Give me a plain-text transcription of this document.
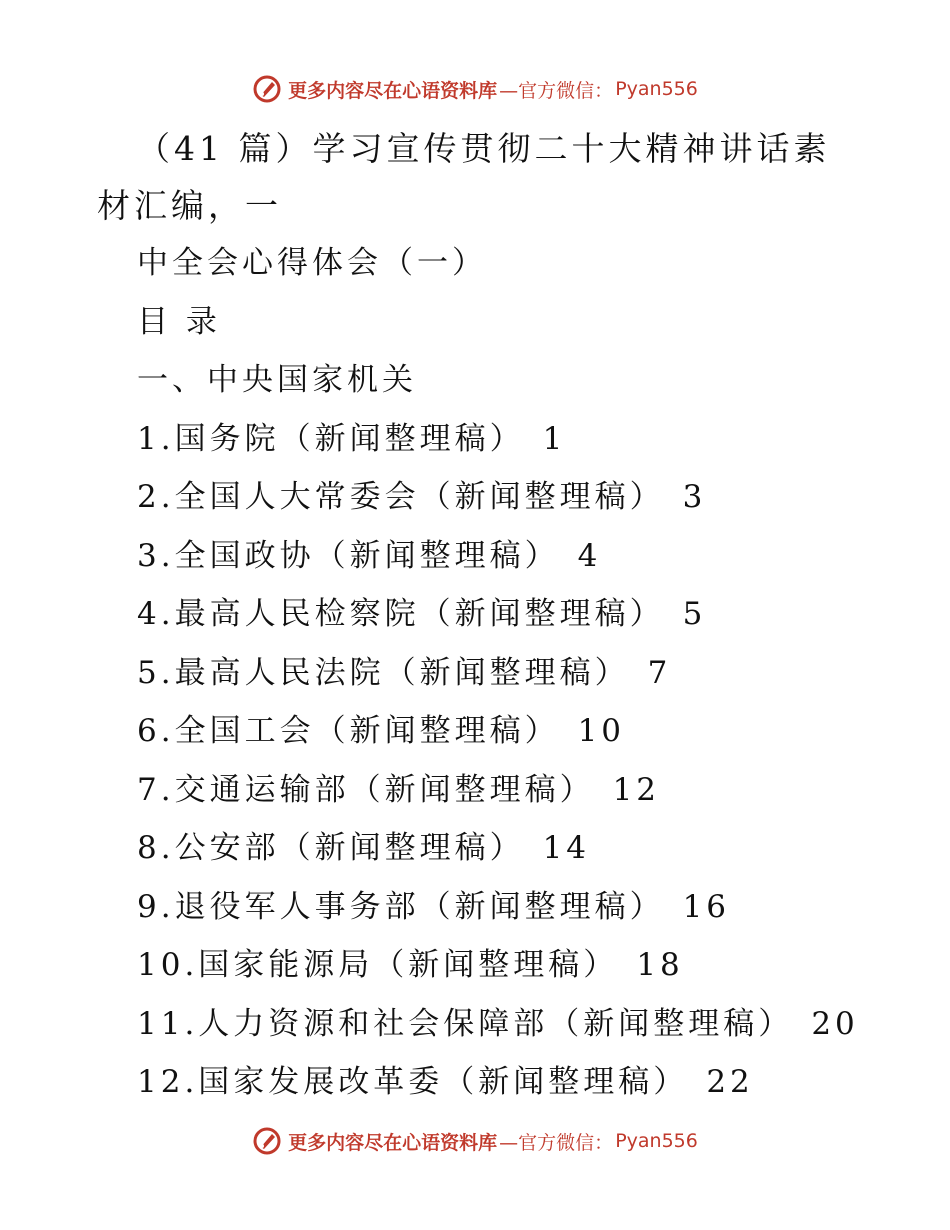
更多内容尽在心语资料库 —官方微信： Pyan556
（41 篇）学习宣传贯彻二十大精神讲话素材汇编，一
中全会心得体会（一）
目 录
一、中央国家机关
1.国务院（新闻整理稿） 1
2.全国人大常委会（新闻整理稿） 3
3.全国政协（新闻整理稿） 4
4.最高人民检察院（新闻整理稿） 5
5.最高人民法院（新闻整理稿） 7
6.全国工会（新闻整理稿） 10
7.交通运输部（新闻整理稿） 12
8.公安部（新闻整理稿） 14
9.退役军人事务部（新闻整理稿） 16
10.国家能源局（新闻整理稿） 18
11.人力资源和社会保障部（新闻整理稿） 20
12.国家发展改革委（新闻整理稿） 22
更多内容尽在心语资料库 —官方微信： Pyan556
